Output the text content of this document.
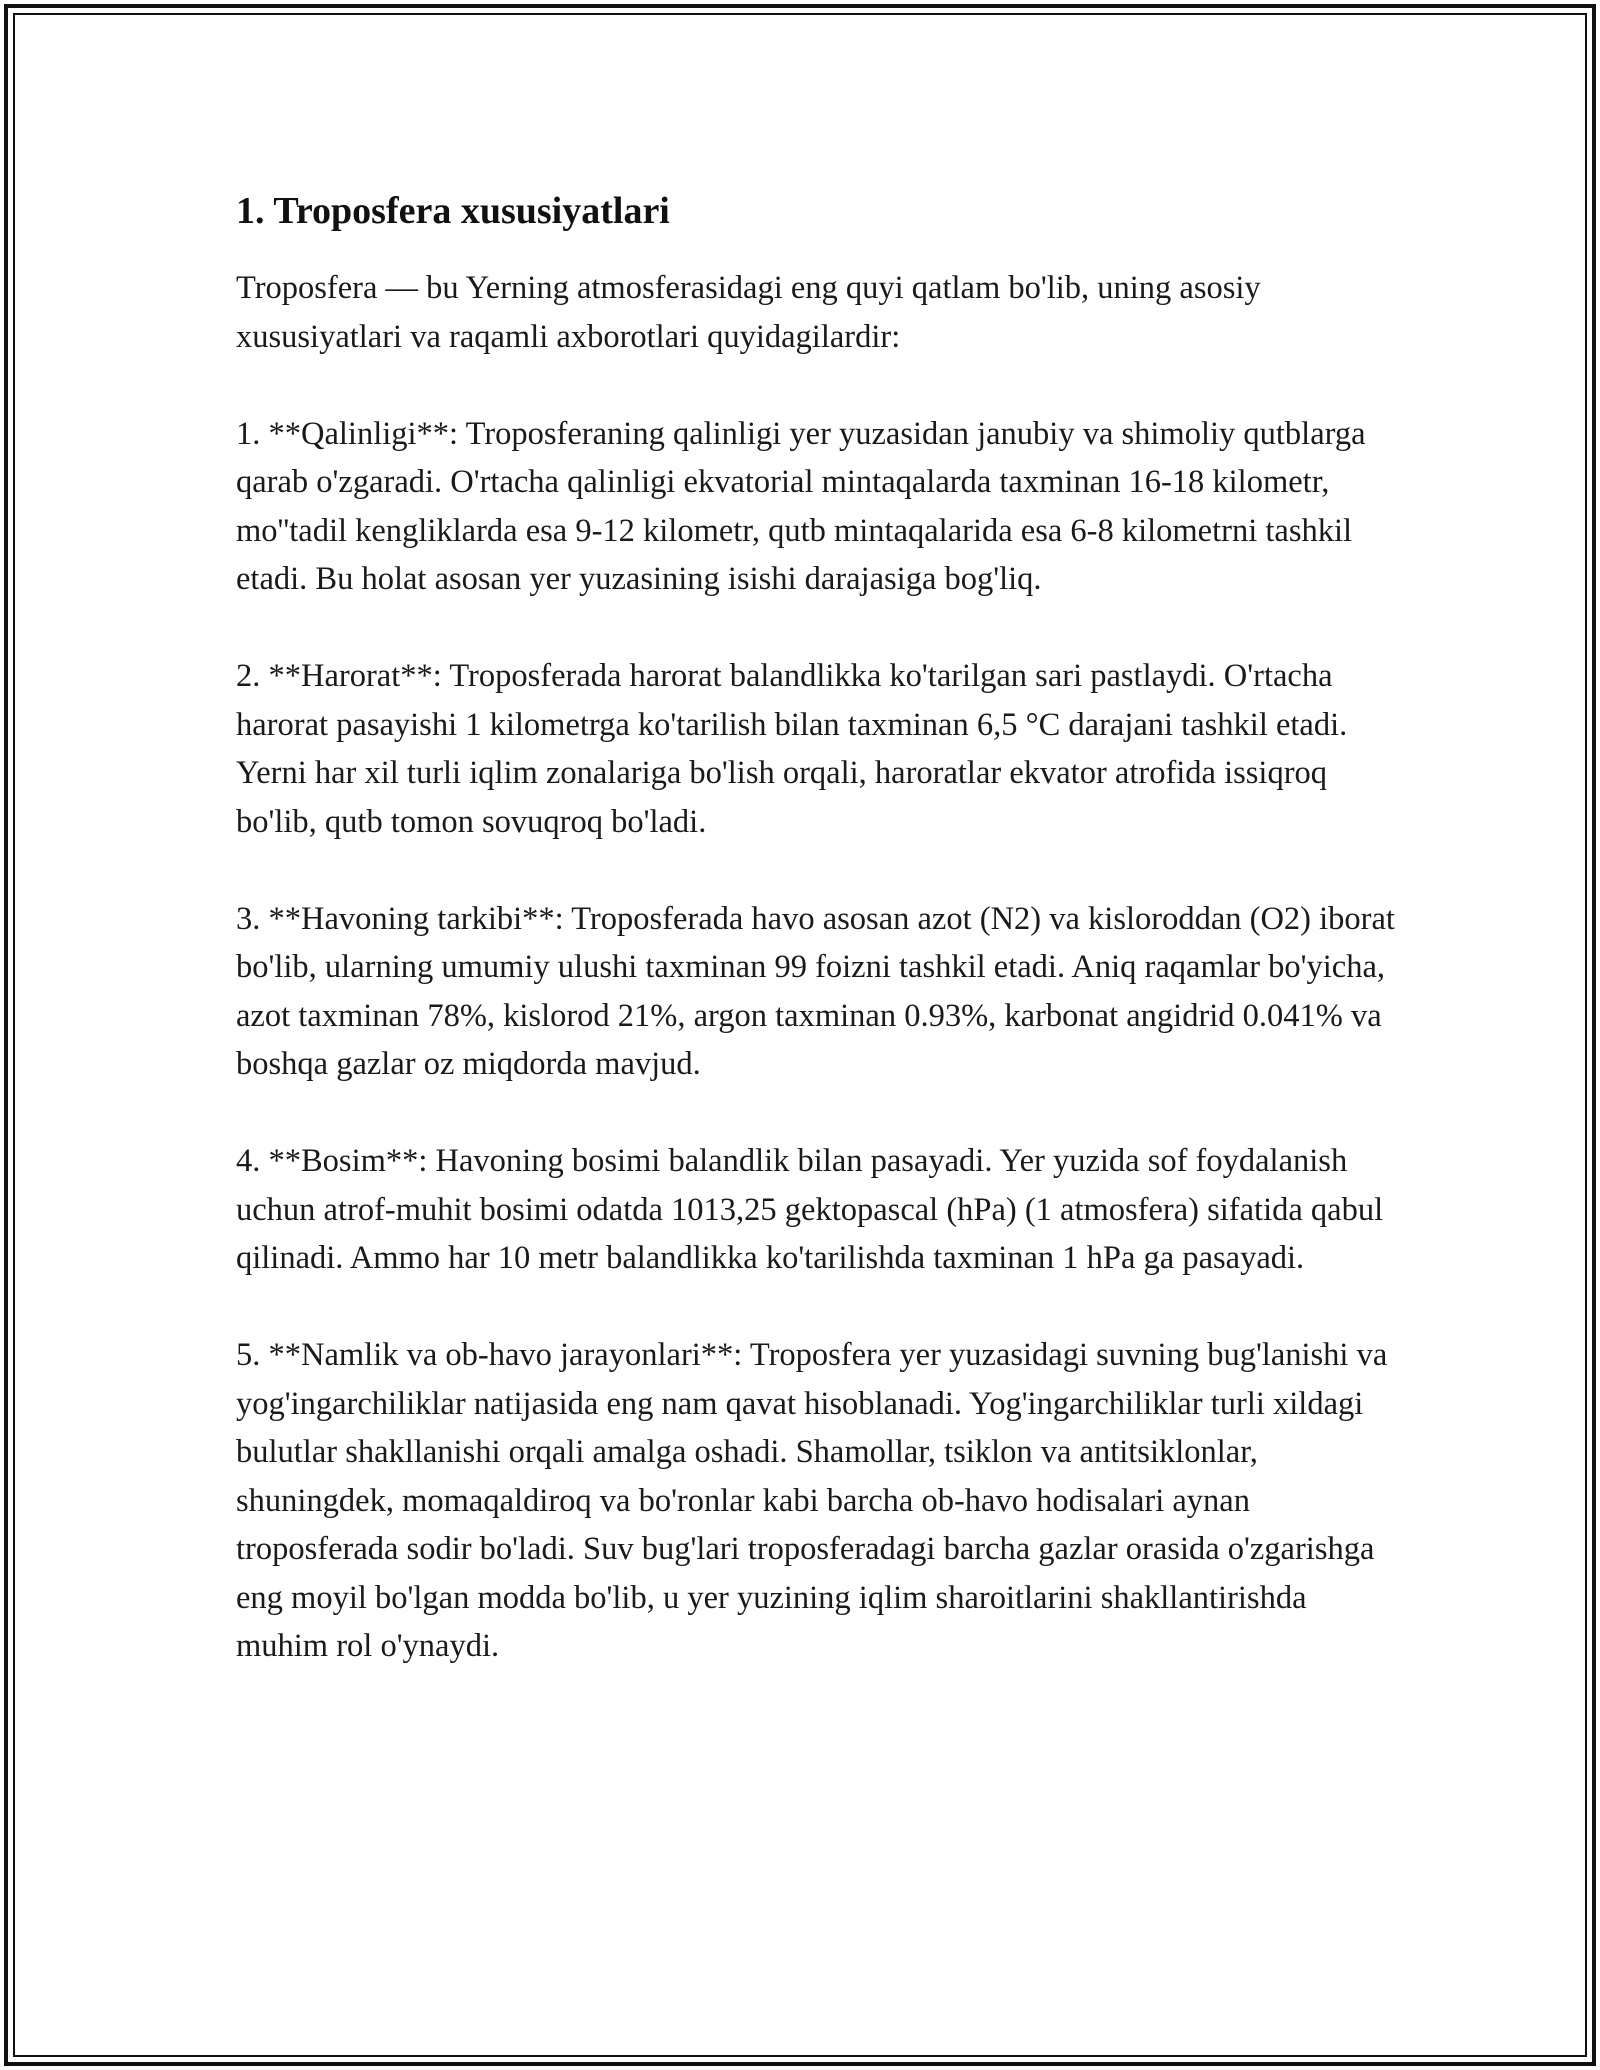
1. Troposfera xususiyatlari

Troposfera — bu Yerning atmosferasidagi eng quyi qatlam bo'lib, uning asosiy xususiyatlari va raqamli axborotlari quyidagilardir:

1. **Qalinligi**: Troposferaning qalinligi yer yuzasidan janubiy va shimoliy qutblarga qarab o'zgaradi. O'rtacha qalinligi ekvatorial mintaqalarda taxminan 16-18 kilometr, mo''tadil kengliklarda esa 9-12 kilometr, qutb mintaqalarida esa 6-8 kilometrni tashkil etadi. Bu holat asosan yer yuzasining isishi darajasiga bog'liq.

2. **Harorat**: Troposferada harorat balandlikka ko'tarilgan sari pastlaydi. O'rtacha harorat pasayishi 1 kilometrga ko'tarilish bilan taxminan 6,5 °C darajani tashkil etadi. Yerni har xil turli iqlim zonalariga bo'lish orqali, haroratlar ekvator atrofida issiqroq bo'lib, qutb tomon sovuqroq bo'ladi.

3. **Havoning tarkibi**: Troposferada havo asosan azot (N2) va kisloroddan (O2) iborat bo'lib, ularning umumiy ulushi taxminan 99 foizni tashkil etadi. Aniq raqamlar bo'yicha, azot taxminan 78%, kislorod 21%, argon taxminan 0.93%, karbonat angidrid 0.041% va boshqa gazlar oz miqdorda mavjud.

4. **Bosim**: Havoning bosimi balandlik bilan pasayadi. Yer yuzida sof foydalanish uchun atrof-muhit bosimi odatda 1013,25 gektopascal (hPa) (1 atmosfera) sifatida qabul qilinadi. Ammo har 10 metr balandlikka ko'tarilishda taxminan 1 hPa ga pasayadi.

5. **Namlik va ob-havo jarayonlari**: Troposfera yer yuzasidagi suvning bug'lanishi va yog'ingarchiliklar natijasida eng nam qavat hisoblanadi. Yog'ingarchiliklar turli xildagi bulutlar shakllanishi orqali amalga oshadi. Shamollar, tsiklon va antitsiklonlar, shuningdek, momaqaldiroq va bo'ronlar kabi barcha ob-havo hodisalari aynan troposferada sodir bo'ladi. Suv bug'lari troposferadagi barcha gazlar orasida o'zgarishga eng moyil bo'lgan modda bo'lib, u yer yuzining iqlim sharoitlarini shakllantirishda muhim rol o'ynaydi.
